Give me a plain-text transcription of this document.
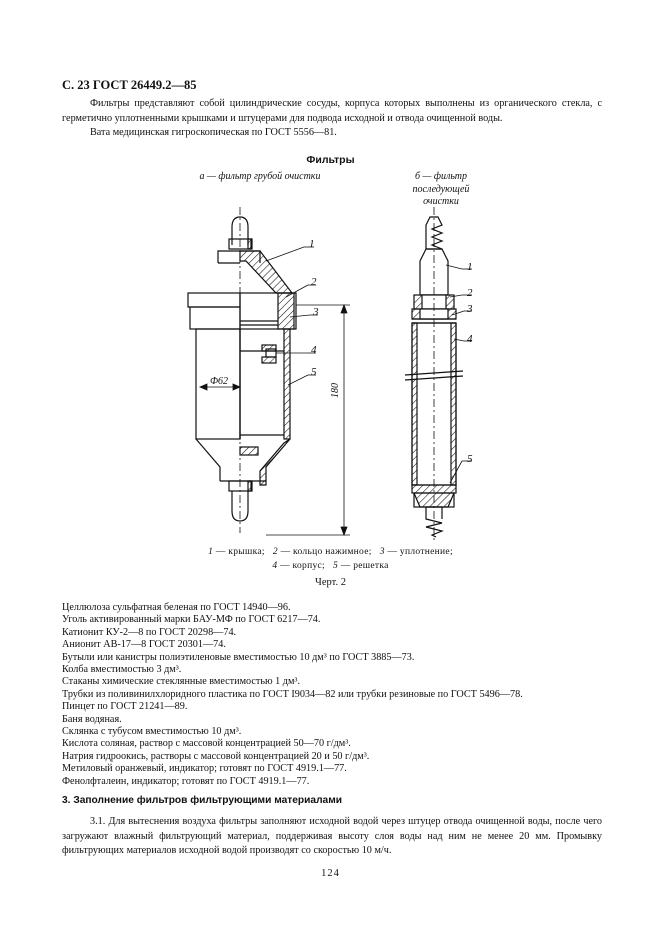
С. 23 ГОСТ 26449.2—85
Фильтры представляют собой цилиндрические сосуды, корпуса которых выполнены из органического стекла, с герметично уплотненными крышками и штуцерами для подвода исходной и отвода очищенной воды.
Вата медицинская гигроскопическая по ГОСТ 5556—81.
Фильтры
а — фильтр грубой очистки	б — фильтр
последующей
очистки
Ф62
180
1
2
3
4
5
1
2
3
4
5
1 — крышка; 2 — кольцо нажимное; 3 — уплотнение;
4 — корпус; 5 — решетка
Черт. 2
Целлюлоза сульфатная беленая по ГОСТ 14940—96.
Уголь активированный марки БАУ-МФ по ГОСТ 6217—74.
Катионит КУ-2—8 по ГОСТ 20298—74.
Анионит АВ-17—8 ГОСТ 20301—74.
Бутыли или канистры полиэтиленовые вместимостью 10 дм³ по ГОСТ 3885—73.
Колба вместимостью 3 дм³.
Стаканы химические стеклянные вместимостью 1 дм³.
Трубки из поливинилхлоридного пластика по ГОСТ I9034—82 или трубки резиновые по ГОСТ 5496—78.
Пинцет по ГОСТ 21241—89.
Баня водяная.
Склянка с тубусом вместимостью 10 дм³.
Кислота соляная, раствор с массовой концентрацией 50—70 г/дм³.
Натрия гидроокись, растворы с массовой концентрацией 20 и 50 г/дм³.
3. Заполнение фильтров фильтрующими материалами
3.1. Для вытеснения воздуха фильтры заполняют исходной водой через штуцер отвода очищенной воды, после чего загружают влажный фильтрующий материал, поддерживая высоту слоя воды над ним не менее 20 мм. Промывку фильтрующих материалов исходной водой производят со скоростью 10 м/ч.
124
Метиловый оранжевый, индикатор; готовят по ГОСТ 4919.1—77.
Фенолфталеин, индикатор; готовят по ГОСТ 4919.1—77.
